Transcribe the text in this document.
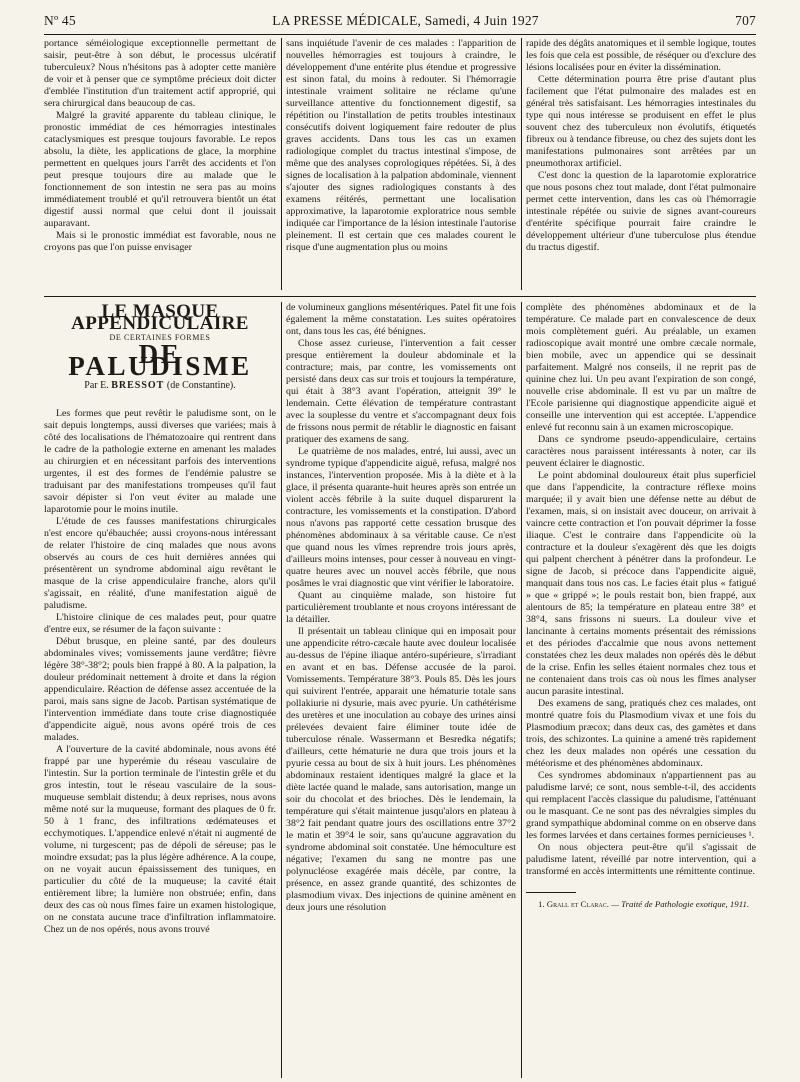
Nº 45	LA PRESSE MÉDICALE, Samedi, 4 Juin 1927	707

portance séméiologique exceptionnelle permettant de saisir, peut-être à son début, le processus ulcératif tuberculeux? Nous n'hésitons pas à adopter cette manière de voir et à penser que ce symptôme précieux doit dicter d'emblée l'institution d'un traitement actif approprié, qui sera chirurgical dans beaucoup de cas.

Malgré la gravité apparente du tableau clinique, le pronostic immédiat de ces hémorragies intestinales cataclysmiques est presque toujours favorable. Le repos absolu, la diète, les applications de glace, la morphine permettent en quelques jours l'arrêt des accidents et l'on peut presque toujours dire au malade que le fonctionnement de son intestin ne sera pas au moins immédiatement troublé et qu'il retrouvera bientôt un état digestif aussi normal que celui dont il jouissait auparavant.

Mais si le pronostic immédiat est favorable, nous ne croyons pas que l'on puisse envisager

sans inquiétude l'avenir de ces malades : l'apparition de nouvelles hémorragies est toujours à craindre, le développement d'une entérite plus étendue et progressive est sinon fatal, du moins à redouter. Si l'hémorragie intestinale vraiment solitaire ne réclame qu'une surveillance attentive du fonctionnement digestif, sa répétition ou l'installation de petits troubles intestinaux consécutifs doivent logiquement faire redouter de plus graves accidents. Dans tous les cas un examen radiologique complet du tractus intestinal s'impose, de même que des analyses coprologiques répétées. Si, à des signes de localisation à la palpation abdominale, viennent s'ajouter des signes radiologiques constants à des examens réitérés, permettant une localisation approximative, la laparotomie exploratrice nous semble indiquée car l'importance de la lésion intestinale l'autorise pleinement. Il est certain que ces malades courent le risque d'une augmentation plus ou moins

rapide des dégâts anatomiques et il semble logique, toutes les fois que cela est possible, de réséquer ou d'exclure des lésions localisées pour en éviter la dissémination.

Cette détermination pourra être prise d'autant plus facilement que l'état pulmonaire des malades est en général très satisfaisant. Les hémorragies intestinales du type qui nous intéresse se produisent en effet le plus souvent chez des tuberculeux non évolutifs, étiquetés fibreux ou à tendance fibreuse, ou chez des sujets dont les manifestations pulmonaires sont arrêtées par un pneumothorax artificiel.

C'est donc la question de la laparotomie exploratrice que nous posons chez tout malade, dont l'état pulmonaire permet cette intervention, dans les cas où l'hémorragie intestinale répétée ou suivie de signes avant-coureurs d'entérite spécifique pourrait faire craindre le développement ultérieur d'une tuberculose plus étendue du tractus digestif.

LE MASQUE APPENDICULAIRE
DE CERTAINES FORMES
DE PALUDISME
Par E. BRESSOT (de Constantine).

Les formes que peut revêtir le paludisme sont, on le sait depuis longtemps, aussi diverses que variées; mais à côté des localisations de l'hématozoaire qui rentrent dans le cadre de la pathologie externe en amenant les malades au chirurgien et en nécessitant parfois des interventions urgentes, il est des formes de l'endémie palustre se traduisant par des manifestations trompeuses qu'il faut savoir dépister si l'on veut éviter au malade une laparotomie pour le moins inutile.

L'étude de ces fausses manifestations chirurgicales n'est encore qu'ébauchée; aussi croyons-nous intéressant de relater l'histoire de cinq malades que nous avons observés au cours de ces huit dernières années qui présentèrent un syndrome abdominal aigu revêtant le masque de la crise appendiculaire franche, alors qu'il s'agissait, en réalité, d'une manifestation aiguë de paludisme.

L'histoire clinique de ces malades peut, pour quatre d'entre eux, se résumer de la façon suivante :

Début brusque, en pleine santé, par des douleurs abdominales vives; vomissements jaune verdâtre; fièvre légère 38°-38°2; pouls bien frappé à 80. A la palpation, la douleur prédominait nettement à droite et dans la région appendiculaire. Réaction de défense assez accentuée de la paroi, mais sans signe de Jacob. Partisan systématique de l'intervention immédiate dans toute crise diagnostiquée d'appendicite aiguë, nous avons opéré trois de ces malades.

A l'ouverture de la cavité abdominale, nous avons été frappé par une hyperémie du réseau vasculaire de l'intestin. Sur la portion terminale de l'intestin grêle et du gros intestin, tout le réseau vasculaire de la sous-muqueuse semblait distendu; à deux reprises, nous avons même noté sur la muqueuse, formant des plaques de 0 fr. 50 à 1 franc, des infiltrations œdémateuses et ecchymotiques. L'appendice enlevé n'était ni augmenté de volume, ni turgescent; pas de dépoli de séreuse; pas le moindre exsudat; pas la plus légère adhérence. A la coupe, on ne voyait aucun épaississement des tuniques, en particulier du côté de la muqueuse; la cavité était entièrement libre; la lumière non obstruée; enfin, dans deux des cas où nous fîmes faire un examen histologique, on ne constata aucune trace d'infiltration inflammatoire. Chez un de nos opérés, nous avons trouvé

de volumineux ganglions mésentériques. Patel fit une fois également la même constatation. Les suites opératoires ont, dans tous les cas, été bénignes.

Chose assez curieuse, l'intervention a fait cesser presque entièrement la douleur abdominale et la contracture; mais, par contre, les vomissements ont persisté dans deux cas sur trois et toujours la température, qui était à 38°3 avant l'opération, atteignit 39° le lendemain. Cette élévation de température contrastant avec la souplesse du ventre et s'accompagnant deux fois de frissons nous permit de rétablir le diagnostic en faisant pratiquer des examens de sang.

Le quatrième de nos malades, entré, lui aussi, avec un syndrome typique d'appendicite aiguë, refusa, malgré nos instances, l'intervention proposée. Mis à la diète et à la glace, il présenta quarante-huit heures après son entrée un violent accès fébrile à la suite duquel disparurent la contracture, les vomissements et la constipation. D'abord nous n'avons pas rapporté cette cessation brusque des phénomènes abdominaux à sa véritable cause. Ce n'est que quand nous les vîmes reprendre trois jours après, d'ailleurs moins intenses, pour cesser à nouveau en vingt-quatre heures avec un nouvel accès fébrile, que nous posâmes le vrai diagnostic que vint vérifier le laboratoire.

Quant au cinquième malade, son histoire fut particulièrement troublante et nous croyons intéressant de la détailler.

Il présentait un tableau clinique qui en imposait pour une appendicite rétro-cæcale haute avec douleur localisée au-dessus de l'épine iliaque antéro-supérieure, s'irradiant en avant et en bas. Défense accusée de la paroi. Vomissements. Température 38°3. Pouls 85. Dès les jours qui suivirent l'entrée, apparait une hématurie totale sans pollakiurie ni dysurie, mais avec pyurie. Un cathétérisme des uretères et une inoculation au cobaye des urines ainsi prélevées devaient faire éliminer toute idée de tuberculose rénale. Wassermann et Besredka négatifs; d'ailleurs, cette hématurie ne dura que trois jours et la pyurie cessa au bout de six à huit jours. Les phénomènes abdominaux restaient identiques malgré la glace et la diète lactée quand le malade, sans autorisation, mange un soir du chocolat et des brioches. Dès le lendemain, la température qui s'était maintenue jusqu'alors en plateau à 38°2 fait pendant quatre jours des oscillations entre 37°2 le matin et 39°4 le soir, sans qu'aucune aggravation du syndrome abdominal soit constatée. Une hémoculture est négative; l'examen du sang ne montre pas une polynucléose exagérée mais décèle, par contre, la présence, en assez grande quantité, des schizontes de plasmodium vivax. Des injections de quinine amènent en deux jours une résolution

complète des phénomènes abdominaux et de la température. Ce malade part en convalescence de deux mois complètement guéri. Au préalable, un examen radioscopique avait montré une ombre cæcale normale, bien mobile, avec un appendice qui se dessinait parfaitement. Malgré nos conseils, il ne reprit pas de quinine chez lui. Un peu avant l'expiration de son congé, nouvelle crise abdominale. Il est vu par un maître de l'Ecole parisienne qui diagnostique appendicite aiguë et conseille une intervention qui est acceptée. L'appendice enlevé fut reconnu sain à un examen microscopique.

Dans ce syndrome pseudo-appendiculaire, certains caractères nous paraissent intéressants à noter, car ils peuvent éclairer le diagnostic.

Le point abdominal douloureux était plus superficiel que dans l'appendicite, la contracture réflexe moins marquée; il y avait bien une défense nette au début de l'examen, mais, si on insistait avec douceur, on arrivait à vaincre cette contraction et l'on pouvait déprimer la fosse iliaque. C'est le contraire dans l'appendicite où la contracture et la douleur s'exagèrent dès que les doigts qui palpent cherchent à pénétrer dans la profondeur. Le signe de Jacob, si précoce dans l'appendicite aiguë, manquait dans tous nos cas. Le facies était plus « fatigué » que « grippé »; le pouls restait bon, bien frappé, aux alentours de 85; la température en plateau entre 38° et 38°4, sans frissons ni sueurs. La douleur vive et lancinante à certains moments présentait des rémissions et des périodes d'accalmie que nous avons nettement constatées chez les deux malades non opérés dès le début de la crise. Enfin les selles étaient normales chez tous et ne contenaient dans trois cas où nous les fîmes analyser aucun parasite intestinal.

Des examens de sang, pratiqués chez ces malades, ont montré quatre fois du Plasmodium vivax et une fois du Plasmodium præcox; dans deux cas, des gamètes et dans trois, des schizontes. La quinine a amené très rapidement chez les deux malades non opérés une cessation du météorisme et des phénomènes abdominaux.

Ces syndromes abdominaux n'appartiennent pas au paludisme larvé; ce sont, nous semble-t-il, des accidents qui remplacent l'accès classique du paludisme, l'atténuant ou le masquant. Ce ne sont pas des névralgies simples du grand sympathique abdominal comme on en observe dans les formes larvées et dans certaines formes pernicieuses ¹.

On nous objectera peut-être qu'il s'agissait de paludisme latent, réveillé par notre intervention, qui a transformé en accès intermittents une rémittente continue.

1. Grall et Clarac. — Traité de Pathologie exotique, 1911.
